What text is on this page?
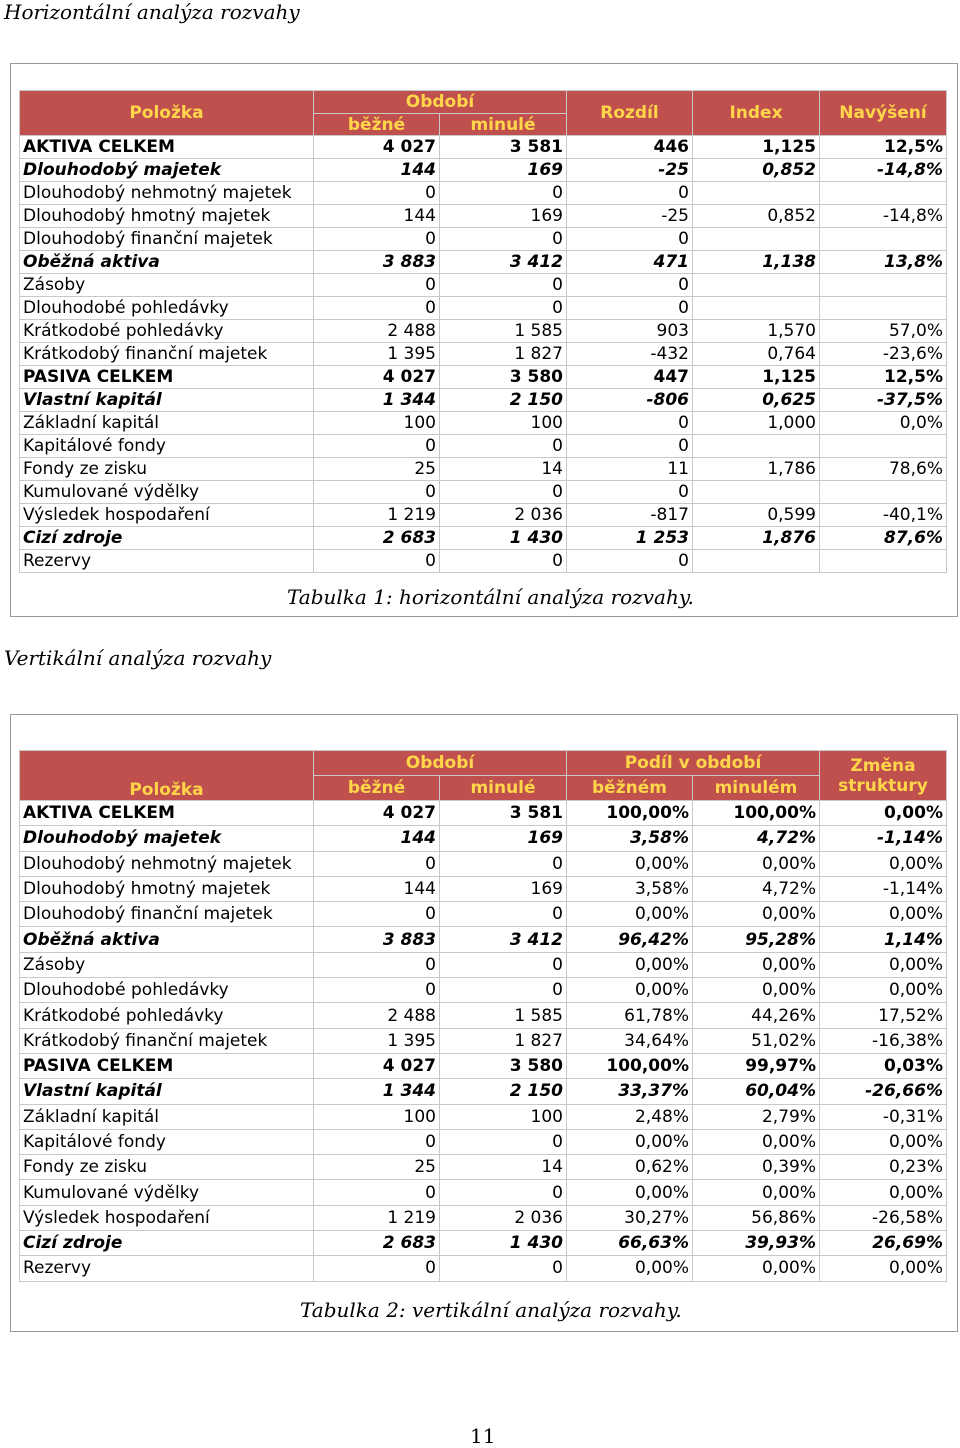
Horizontální analýza rozvahy
Položka	Období		Rozdíl	Index	Navýšení
	běžné	minulé			
AKTIVA CELKEM	4 027	3 581	446	1,125	12,5%
Dlouhodobý majetek	144	169	-25	0,852	-14,8%
Dlouhodobý nehmotný majetek	0	0	0		
Dlouhodobý hmotný majetek	144	169	-25	0,852	-14,8%
Dlouhodobý finanční majetek	0	0	0		
Oběžná aktiva	3 883	3 412	471	1,138	13,8%
Zásoby	0	0	0		
Dlouhodobé pohledávky	0	0	0		
Krátkodobé pohledávky	2 488	1 585	903	1,570	57,0%
Krátkodobý finanční majetek	1 395	1 827	-432	0,764	-23,6%
PASIVA CELKEM	4 027	3 580	447	1,125	12,5%
Vlastní kapitál	1 344	2 150	-806	0,625	-37,5%
Základní kapitál	100	100	0	1,000	0,0%
Kapitálové fondy	0	0	0		
Fondy ze zisku	25	14	11	1,786	78,6%
Kumulované výdělky	0	0	0		
Výsledek hospodaření	1 219	2 036	-817	0,599	-40,1%
Cizí zdroje	2 683	1 430	1 253	1,876	87,6%
Rezervy	0	0	0		
Tabulka 1: horizontální analýza rozvahy.
Vertikální analýza rozvahy
Položka	Období		Podíl v období		Změna
struktury
	běžné	minulé	běžném	minulém	
AKTIVA CELKEM	4 027	3 581	100,00%	100,00%	0,00%
Dlouhodobý majetek	144	169	3,58%	4,72%	-1,14%
Dlouhodobý nehmotný majetek	0	0	0,00%	0,00%	0,00%
Dlouhodobý hmotný majetek	144	169	3,58%	4,72%	-1,14%
Dlouhodobý finanční majetek	0	0	0,00%	0,00%	0,00%
Oběžná aktiva	3 883	3 412	96,42%	95,28%	1,14%
Zásoby	0	0	0,00%	0,00%	0,00%
Dlouhodobé pohledávky	0	0	0,00%	0,00%	0,00%
Krátkodobé pohledávky	2 488	1 585	61,78%	44,26%	17,52%
Krátkodobý finanční majetek	1 395	1 827	34,64%	51,02%	-16,38%
PASIVA CELKEM	4 027	3 580	100,00%	99,97%	0,03%
Vlastní kapitál	1 344	2 150	33,37%	60,04%	-26,66%
Základní kapitál	100	100	2,48%	2,79%	-0,31%
Kapitálové fondy	0	0	0,00%	0,00%	0,00%
Fondy ze zisku	25	14	0,62%	0,39%	0,23%
Kumulované výdělky	0	0	0,00%	0,00%	0,00%
Výsledek hospodaření	1 219	2 036	30,27%	56,86%	-26,58%
Cizí zdroje	2 683	1 430	66,63%	39,93%	26,69%
Rezervy	0	0	0,00%	0,00%	0,00%
Tabulka 2: vertikální analýza rozvahy.
11
